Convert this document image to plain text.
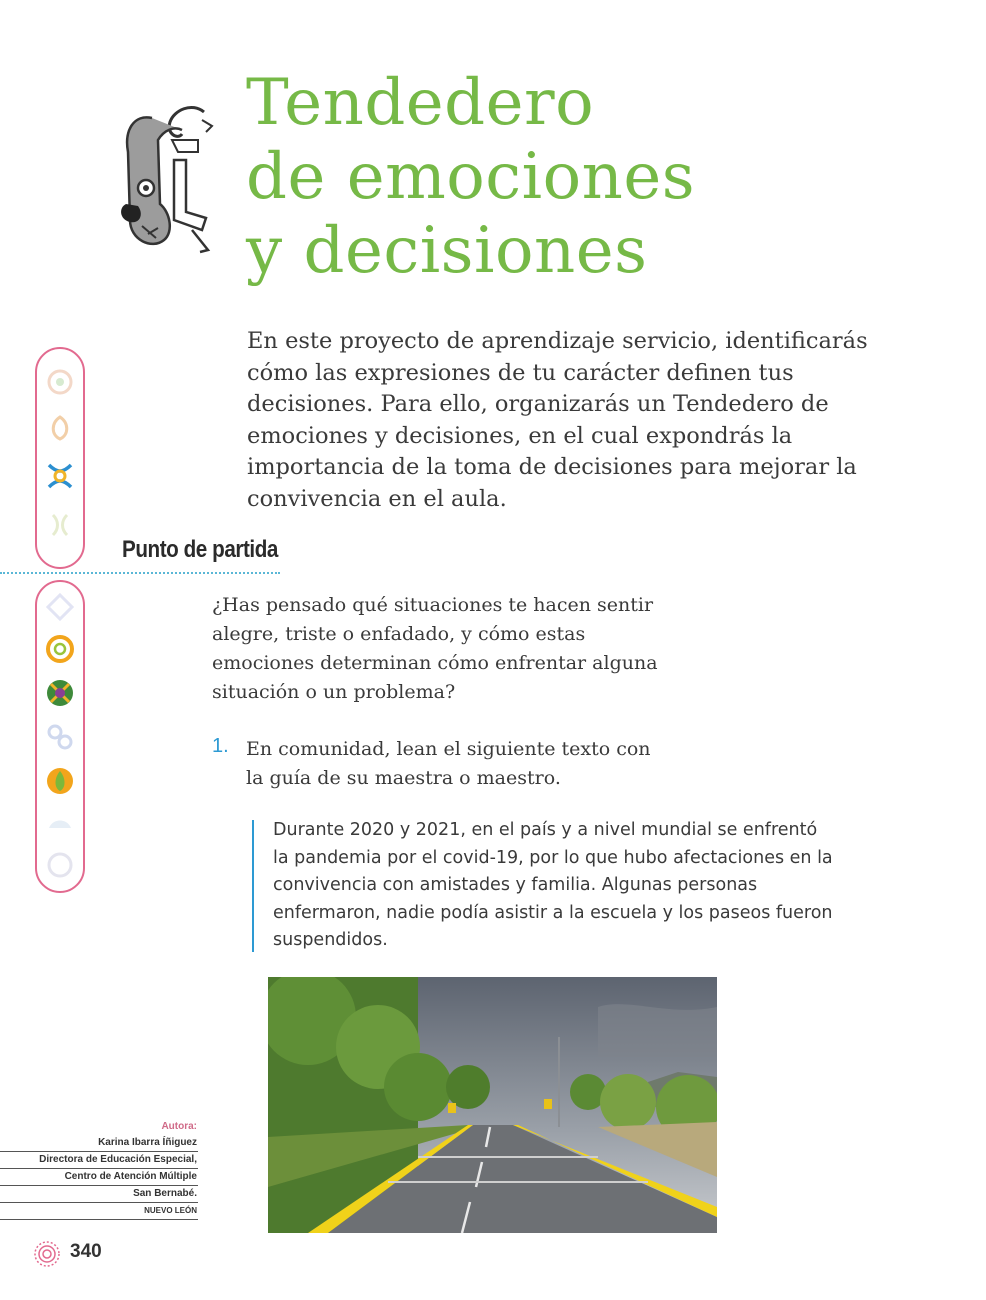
Tendedero
de emociones
y decisiones

En este proyecto de aprendizaje servicio, identificarás cómo las expresiones de tu carácter definen tus decisiones. Para ello, organizarás un Tendedero de emociones y decisiones, en el cual expondrás la importancia de la toma de decisiones para mejorar la convivencia en el aula.

Punto de partida

¿Has pensado qué situaciones te hacen sentir alegre, triste o enfadado, y cómo estas emociones determinan cómo enfrentar alguna situación o un problema?

1. En comunidad, lean el siguiente texto con la guía de su maestra o maestro.

Durante 2020 y 2021, en el país y a nivel mundial se enfrentó la pandemia por el covid-19, por lo que hubo afectaciones en la convivencia con amistades y familia. Algunas personas enfermaron, nadie podía asistir a la escuela y los paseos fueron suspendidos.

Autora:
Karina Ibarra Íñiguez
Directora de Educación Especial,
Centro de Atención Múltiple
San Bernabé.
NUEVO LEÓN
340
